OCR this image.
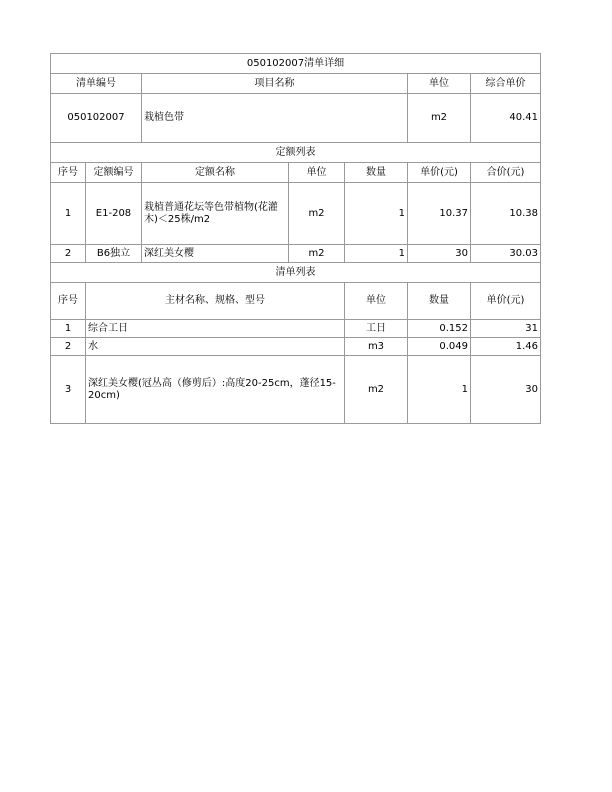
050102007清单详细							
清单编号		项目名称			单位	综合单价	
050102007		栽植色带			m2	40.41	
定额列表							
序号	定额编号	定额名称	单位	数量	单价(元)	合价(元)	
1	E1-208	栽植普通花坛等色带植物(花灌木)＜25株/m2	m2	1	10.37	10.38	
2	B6独立	深红美女樱	m2	1	30	30.03	
清单列表							
序号	主材名称、规格、型号			单位	数量	单价(元)	
1	综合工日			工日	0.152	31	
2	水			m3	0.049	1.46	
3	深红美女樱(冠丛高（修剪后）:高度20-25cm，蓬径15-20cm)			m2	1	30	
